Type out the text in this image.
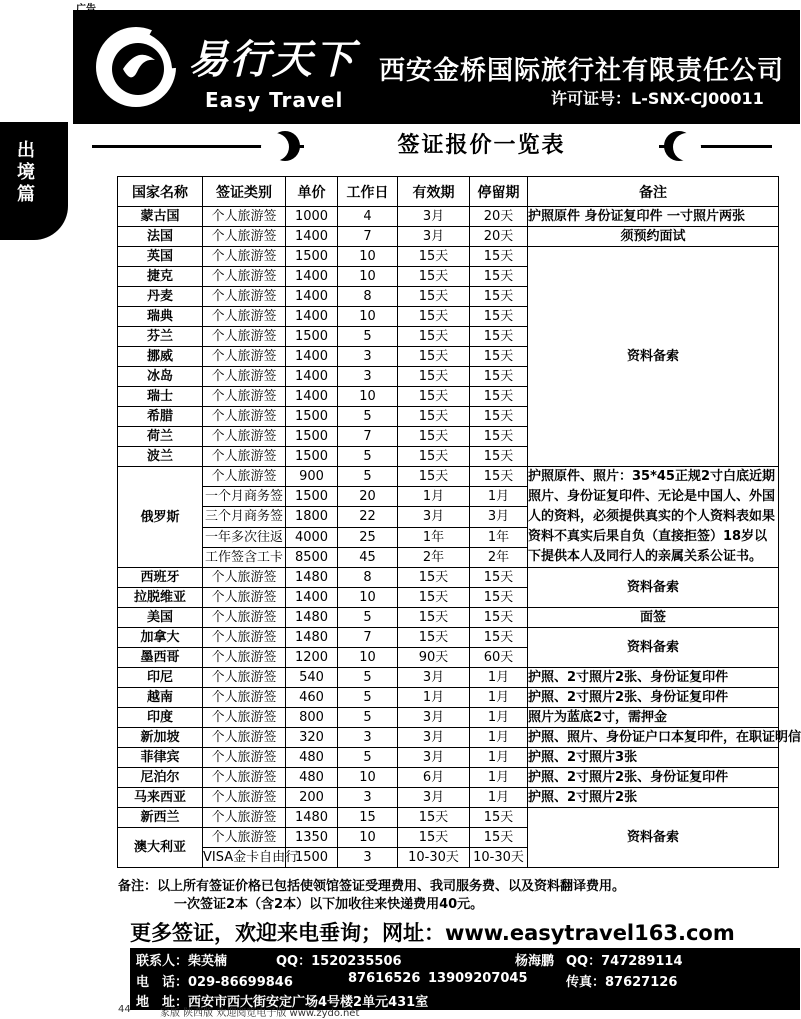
易行天下
Easy Travel
西安金桥国际旅行社有限责任公司
许可证号：L-SNX-CJ00011
出境篇
签证报价一览表
国家名称	签证类别	单价	工作日	有效期	停留期	备注
蒙古国	个人旅游签	1000	4	3月	20天	护照原件 身份证复印件 一寸照片两张
法国	个人旅游签	1400	7	3月	20天	须预约面试
英国	个人旅游签	1500	10	15天	15天	资料备索
捷克	个人旅游签	1400	10	15天	15天	
丹麦	个人旅游签	1400	8	15天	15天	
瑞典	个人旅游签	1400	10	15天	15天	
芬兰	个人旅游签	1500	5	15天	15天	
挪威	个人旅游签	1400	3	15天	15天	
冰岛	个人旅游签	1400	3	15天	15天	
瑞士	个人旅游签	1400	10	15天	15天	
希腊	个人旅游签	1500	5	15天	15天	
荷兰	个人旅游签	1500	7	15天	15天	
波兰	个人旅游签	1500	5	15天	15天	
俄罗斯	个人旅游签	900	5	15天	15天	护照原件、照片：35*45正规2寸白底近期照片、身份证复印件、无论是中国人、外国人的资料，必须提供真实的个人资料表如果资料不真实后果自负（直接拒签）18岁以下提供本人及同行人的亲属关系公证书。
	一个月商务签	1500	20	1月	1月	
	三个月商务签	1800	22	3月	3月	
	一年多次往返	4000	25	1年	1年	
	工作签含工卡	8500	45	2年	2年	
西班牙	个人旅游签	1480	8	15天	15天	资料备索
拉脱维亚	个人旅游签	1400	10	15天	15天	
美国	个人旅游签	1480	5	15天	15天	面签
加拿大	个人旅游签	1480	7	15天	15天	资料备索
墨西哥	个人旅游签	1200	10	90天	60天	
印尼	个人旅游签	540	5	3月	1月	护照、2寸照片2张、身份证复印件
越南	个人旅游签	460	5	1月	1月	护照、2寸照片2张、身份证复印件
印度	个人旅游签	800	5	3月	1月	照片为蓝底2寸，需押金
新加坡	个人旅游签	320	3	3月	1月	护照、照片、身份证户口本复印件，在职证明信
菲律宾	个人旅游签	480	5	3月	1月	护照、2寸照片3张
尼泊尔	个人旅游签	480	10	6月	1月	护照、2寸照片2张、身份证复印件
马来西亚	个人旅游签	200	3	3月	1月	护照、2寸照片2张
新西兰	个人旅游签	1480	15	15天	15天	资料备索
澳大利亚	个人旅游签	1350	10	15天	15天	
	VISA金卡自由行	1500	3	10-30天	10-30天	
备注：以上所有签证价格已包括使领馆签证受理费用、我司服务费、以及资料翻译费用。
一次签证2本（含2本）以下加收往来快递费用40元。
更多签证，欢迎来电垂询；网址：www.easytravel163.com
联系人：柴英楠	QQ：1520235506	杨海鹏 QQ：747289114
电　话：029-86699846	87616526 13909207045	传真：87627126
地　址：西安市西大街安定广场4号楼2单元431室
44	家版 陕西版 欢迎阅览电子版 www.zydo.net
